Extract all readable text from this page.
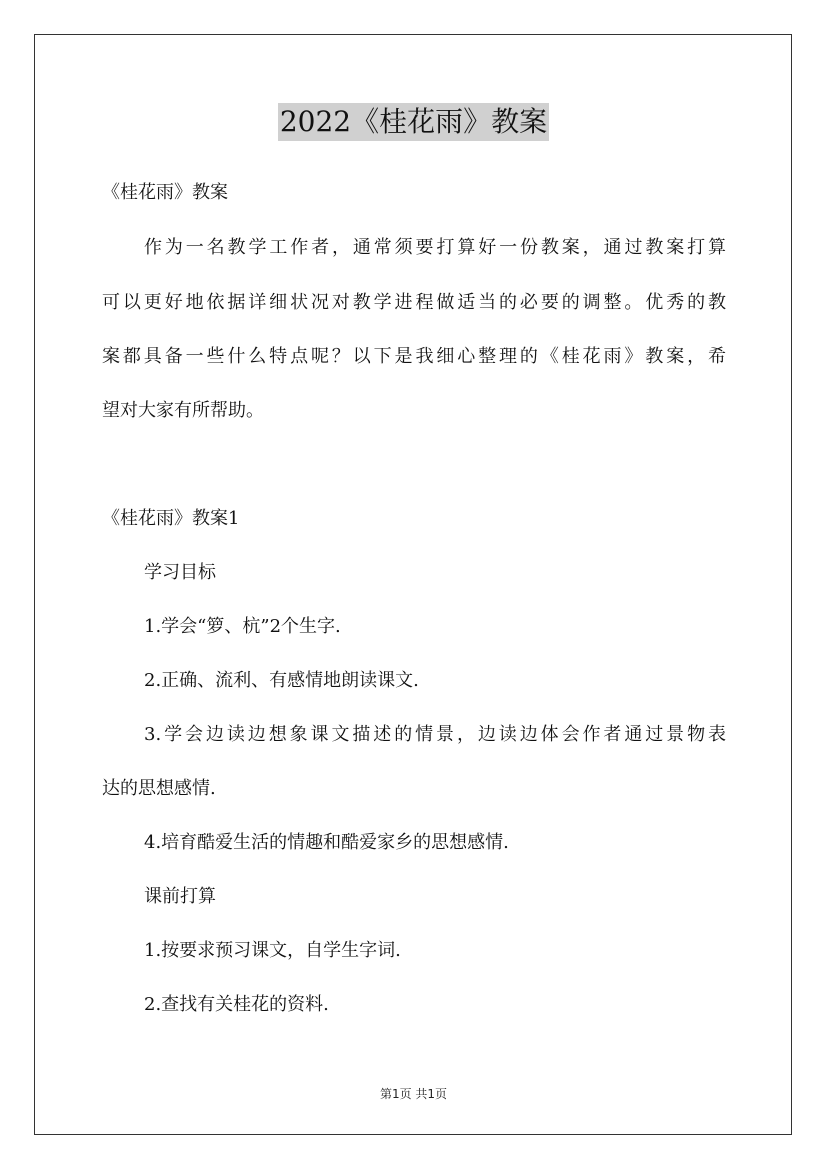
2022《桂花雨》教案
《桂花雨》教案
作为一名教学工作者，通常须要打算好一份教案，通过教案打算
可以更好地依据详细状况对教学进程做适当的必要的调整。优秀的教
案都具备一些什么特点呢？以下是我细心整理的《桂花雨》教案，希
望对大家有所帮助。
《桂花雨》教案1
学习目标
1.学会“箩、杭”2个生字.
2.正确、流利、有感情地朗读课文.
3.学会边读边想象课文描述的情景，边读边体会作者通过景物表
达的思想感情.
4.培育酷爱生活的情趣和酷爱家乡的思想感情.
课前打算
1.按要求预习课文，自学生字词.
2.查找有关桂花的资料.
第1页 共1页
